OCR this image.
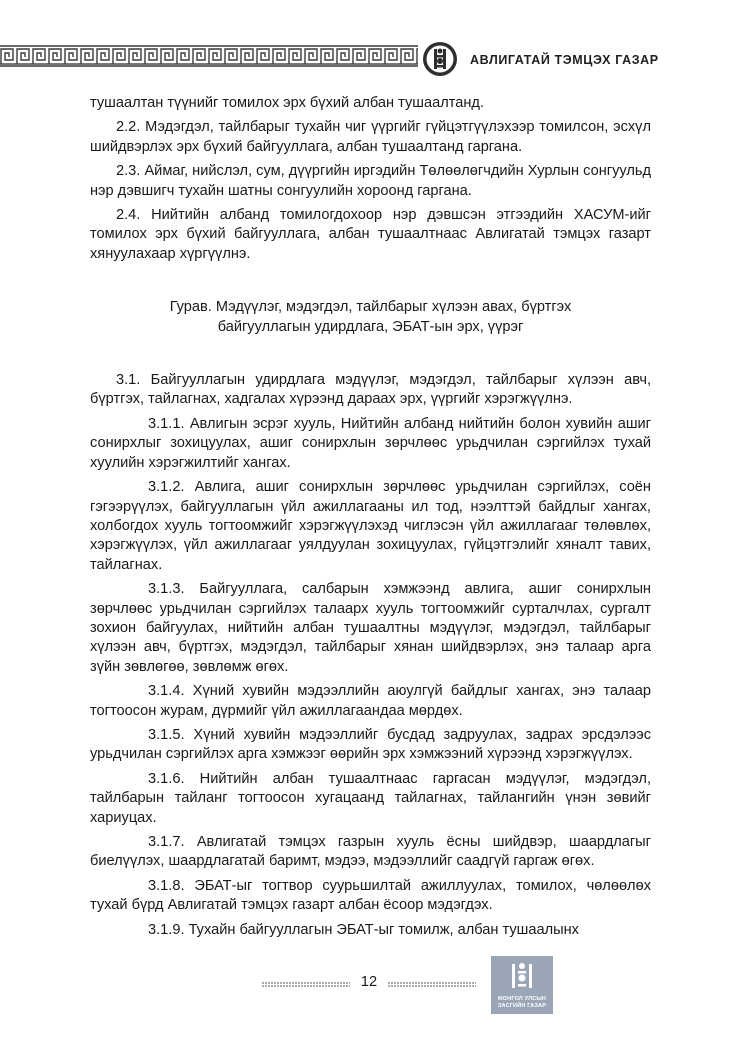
АВЛИГАТАЙ ТЭМЦЭХ ГАЗАР

тушаалтан түүнийг томилох эрх бүхий албан тушаалтанд.

2.2. Мэдэгдэл, тайлбарыг тухайн чиг үүргийг гүйцэтгүүлэхээр томилсон, эсхүл шийдвэрлэх эрх бүхий байгууллага, албан тушаалтанд гаргана.

2.3. Аймаг, нийслэл, сум, дүүргийн иргэдийн Төлөөлөгчдийн Хурлын сонгуульд нэр дэвшигч тухайн шатны сонгуулийн хороонд гаргана.

2.4. Нийтийн албанд томилогдохоор нэр дэвшсэн этгээдийн ХАСУМ-ийг томилох эрх бүхий байгууллага, албан тушаалтнаас Авлигатай тэмцэх газарт хянуулахаар хүргүүлнэ.

Гурав. Мэдүүлэг, мэдэгдэл, тайлбарыг хүлээн авах, бүртгэх
байгууллагын удирдлага, ЭБАТ-ын эрх, үүрэг

3.1. Байгууллагын удирдлага мэдүүлэг, мэдэгдэл, тайлбарыг хүлээн авч, бүртгэх, тайлагнах, хадгалах хүрээнд дараах эрх, үүргийг хэрэгжүүлнэ.

3.1.1. Авлигын эсрэг хууль, Нийтийн албанд нийтийн болон хувийн ашиг сонирхлыг зохицуулах, ашиг сонирхлын зөрчлөөс урьдчилан сэргийлэх тухай хуулийн хэрэгжилтийг хангах.

3.1.2. Авлига, ашиг сонирхлын зөрчлөөс урьдчилан сэргийлэх, соён гэгээрүүлэх, байгууллагын үйл ажиллагааны ил тод, нээлттэй байдлыг хангах, холбогдох хууль тогтоомжийг хэрэгжүүлэхэд чиглэсэн үйл ажиллагааг төлөвлөх, хэрэгжүүлэх, үйл ажиллагааг уялдуулан зохицуулах, гүйцэтгэлийг хяналт тавих, тайлагнах.

3.1.3. Байгууллага, салбарын хэмжээнд авлига, ашиг сонирхлын зөрчлөөс урьдчилан сэргийлэх талаарх хууль тогтоомжийг сурталчлах, сургалт зохион байгуулах, нийтийн албан тушаалтны мэдүүлэг, мэдэгдэл, тайлбарыг хүлээн авч, бүртгэх, мэдэгдэл, тайлбарыг хянан шийдвэрлэх, энэ талаар арга зүйн зөвлөгөө, зөвлөмж өгөх.

3.1.4. Хүний хувийн мэдээллийн аюулгүй байдлыг хангах, энэ талаар тогтоосон журам, дүрмийг үйл ажиллагаандаа мөрдөх.

3.1.5. Хүний хувийн мэдээллийг бусдад задруулах, задрах эрсдэлээс урьдчилан сэргийлэх арга хэмжээг өөрийн эрх хэмжээний хүрээнд хэрэгжүүлэх.

3.1.6. Нийтийн албан тушаалтнаас гаргасан мэдүүлэг, мэдэгдэл, тайлбарын тайланг тогтоосон хугацаанд тайлагнах, тайлангийн үнэн зөвийг хариуцах.

3.1.7. Авлигатай тэмцэх газрын хууль ёсны шийдвэр, шаардлагыг биелүүлэх, шаардлагатай баримт, мэдээ, мэдээллийг саадгүй гаргаж өгөх.

3.1.8. ЭБАТ-ыг тогтвор суурьшилтай ажиллуулах, томилох, чөлөөлөх тухай бүрд Авлигатай тэмцэх газарт албан ёсоор мэдэгдэх.

3.1.9. Тухайн байгууллагын ЭБАТ-ыг томилж, албан тушаалынх

12
МОНГОЛ УЛСЫН
ЗАСГИЙН ГАЗАР
